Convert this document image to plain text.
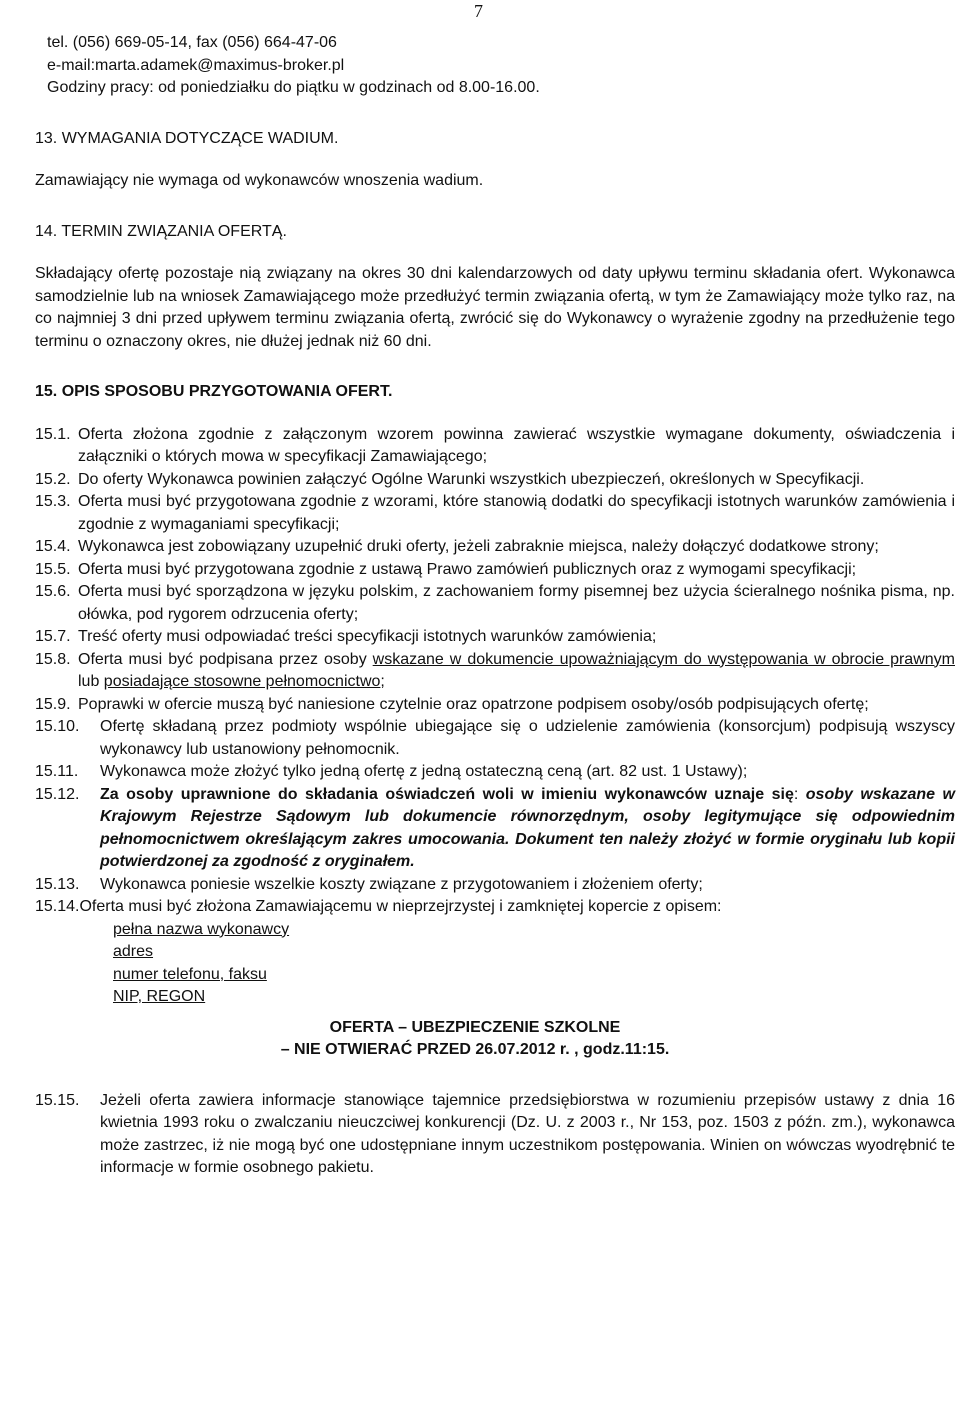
7

tel. (056) 669-05-14, fax (056) 664-47-06

e-mail:marta.adamek@maximus-broker.pl

Godziny pracy: od poniedziałku do piątku w godzinach od 8.00-16.00.

13. WYMAGANIA DOTYCZĄCE WADIUM.

Zamawiający nie wymaga od wykonawców wnoszenia wadium.

14. TERMIN ZWIĄZANIA OFERTĄ.

Składający ofertę pozostaje nią związany na okres 30 dni kalendarzowych od daty upływu terminu składania ofert. Wykonawca samodzielnie lub na wniosek Zamawiającego może przedłużyć termin związania ofertą, w tym że Zamawiający może tylko raz, na co najmniej 3 dni przed upływem terminu związania ofertą, zwrócić się do Wykonawcy o wyrażenie zgodny na przedłużenie tego terminu o oznaczony okres, nie dłużej jednak niż 60 dni.

15. OPIS SPOSOBU PRZYGOTOWANIA OFERT.

15.1. Oferta złożona zgodnie z załączonym wzorem powinna zawierać wszystkie wymagane dokumenty, oświadczenia i załączniki o których mowa w specyfikacji Zamawiającego;
15.2. Do oferty Wykonawca powinien załączyć Ogólne Warunki wszystkich ubezpieczeń, określonych w Specyfikacji.
15.3. Oferta musi być przygotowana zgodnie z wzorami, które stanowią dodatki do specyfikacji istotnych warunków zamówienia i zgodnie z wymaganiami specyfikacji;
15.4. Wykonawca jest zobowiązany uzupełnić druki oferty, jeżeli zabraknie miejsca, należy dołączyć dodatkowe strony;
15.5. Oferta musi być przygotowana zgodnie z ustawą Prawo zamówień publicznych oraz z wymogami specyfikacji;
15.6. Oferta musi być sporządzona w języku polskim, z zachowaniem formy pisemnej bez użycia ścieralnego nośnika pisma, np. ołówka, pod rygorem odrzucenia oferty;
15.7. Treść oferty musi odpowiadać treści specyfikacji istotnych warunków zamówienia;
15.8. Oferta musi być podpisana przez osoby wskazane w dokumencie upoważniającym do występowania w obrocie prawnym lub posiadające stosowne pełnomocnictwo;
15.9. Poprawki w ofercie muszą być naniesione czytelnie oraz opatrzone podpisem osoby/osób podpisujących ofertę;
15.10.	Ofertę składaną przez podmioty wspólnie ubiegające się o udzielenie zamówienia (konsorcjum) podpisują wszyscy wykonawcy lub ustanowiony pełnomocnik.
15.11.	Wykonawca może złożyć tylko jedną ofertę z jedną ostateczną ceną (art. 82 ust. 1 Ustawy);
15.12.	Za osoby uprawnione do składania oświadczeń woli w imieniu wykonawców uznaje się: osoby wskazane w Krajowym Rejestrze Sądowym lub dokumencie równorzędnym, osoby legitymujące się odpowiednim pełnomocnictwem określającym zakres umocowania. Dokument ten należy złożyć w formie oryginału lub kopii potwierdzonej za zgodność z oryginałem.
15.13.	Wykonawca poniesie wszelkie koszty związane z przygotowaniem i złożeniem oferty;
15.14. Oferta musi być złożona Zamawiającemu w nieprzejrzystej i zamkniętej kopercie z opisem:
pełna nazwa wykonawcy
adres
numer telefonu, faksu
NIP, REGON
OFERTA – UBEZPIECZENIE SZKOLNE
– NIE OTWIERAĆ PRZED 26.07.2012 r. , godz.11:15.
15.15.	Jeżeli oferta zawiera informacje stanowiące tajemnice przedsiębiorstwa w rozumieniu przepisów ustawy z dnia 16 kwietnia 1993 roku o zwalczaniu nieuczciwej konkurencji (Dz. U. z 2003 r., Nr 153, poz. 1503 z późn. zm.), wykonawca może zastrzec, iż nie mogą być one udostępniane innym uczestnikom postępowania. Winien on wówczas wyodrębnić te informacje w formie osobnego pakietu.
